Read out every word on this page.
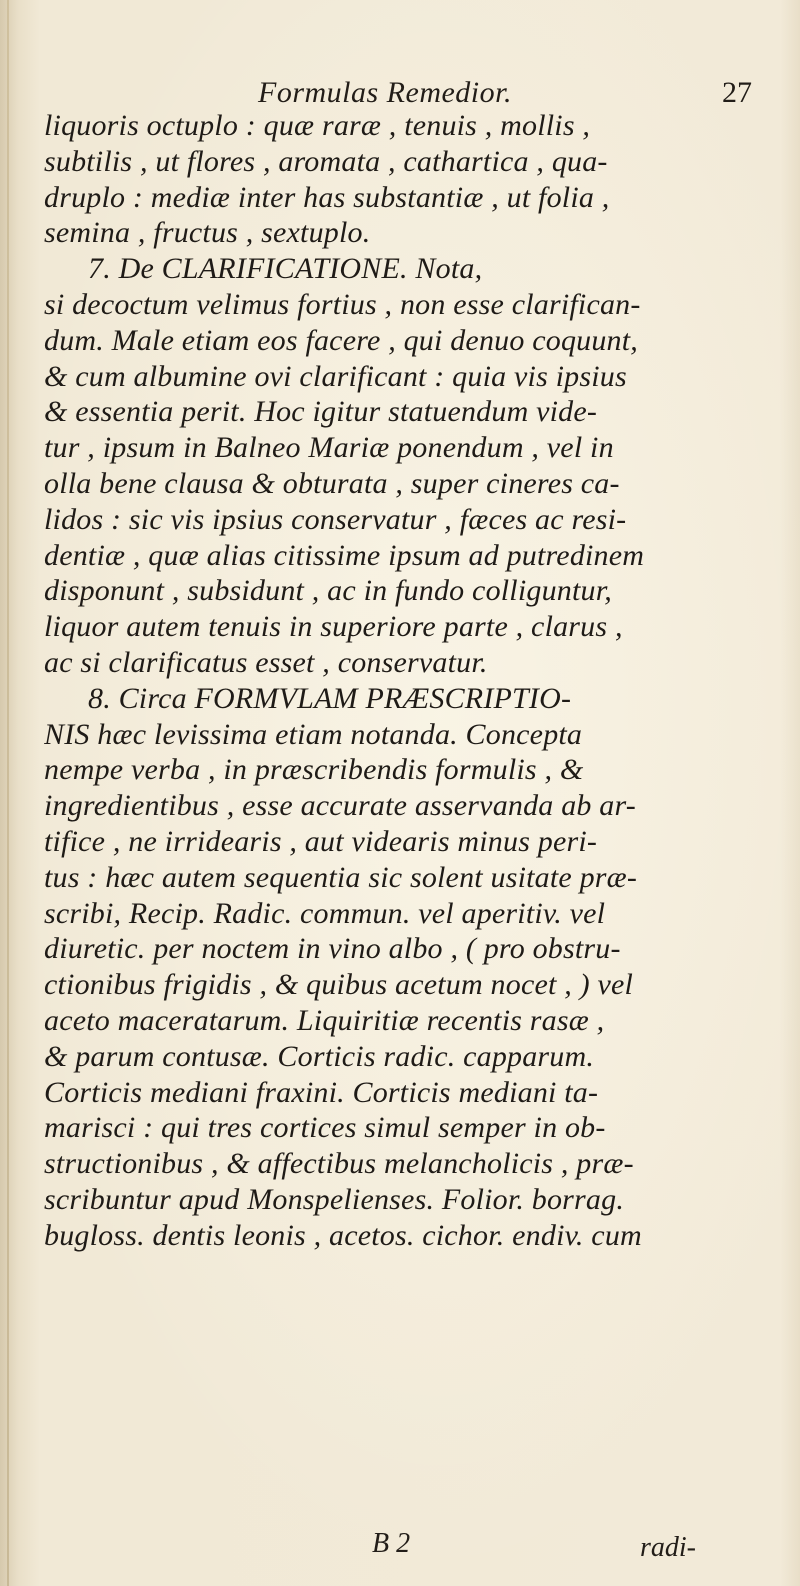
Formulas Remedior.	27
liquoris octuplo : quæ raræ , tenuis , mollis ,
subtilis , ut flores , aromata , cathartica , qua-
druplo : mediæ inter has substantiæ , ut folia ,
semina , fructus , sextuplo.
7. De CLARIFICATIONE. Nota,
si decoctum velimus fortius , non esse clarifican-
dum. Male etiam eos facere , qui denuo coquunt,
& cum albumine ovi clarificant : quia vis ipsius
& essentia perit. Hoc igitur statuendum vide-
tur , ipsum in Balneo Mariæ ponendum , vel in
olla bene clausa & obturata , super cineres ca-
lidos : sic vis ipsius conservatur , fæces ac resi-
dentiæ , quæ alias citissime ipsum ad putredinem
disponunt , subsidunt , ac in fundo colliguntur,
liquor autem tenuis in superiore parte , clarus ,
ac si clarificatus esset , conservatur.
8. Circa FORMVLAM PRÆSCRIPTIO-
NIS hæc levissima etiam notanda. Concepta
nempe verba , in præscribendis formulis , &
ingredientibus , esse accurate asservanda ab ar-
tifice , ne irridearis , aut videaris minus peri-
tus : hæc autem sequentia sic solent usitate præ-
scribi, Recip. Radic. commun. vel aperitiv. vel
diuretic. per noctem in vino albo , ( pro obstru-
ctionibus frigidis , & quibus acetum nocet , ) vel
aceto maceratarum. Liquiritiæ recentis rasæ ,
& parum contusæ. Corticis radic. capparum.
Corticis mediani fraxini. Corticis mediani ta-
marisci : qui tres cortices simul semper in ob-
structionibus , & affectibus melancholicis , præ-
scribuntur apud Monspelienses. Folior. borrag.
bugloss. dentis leonis , acetos. cichor. endiv. cum
B 2	radi-
